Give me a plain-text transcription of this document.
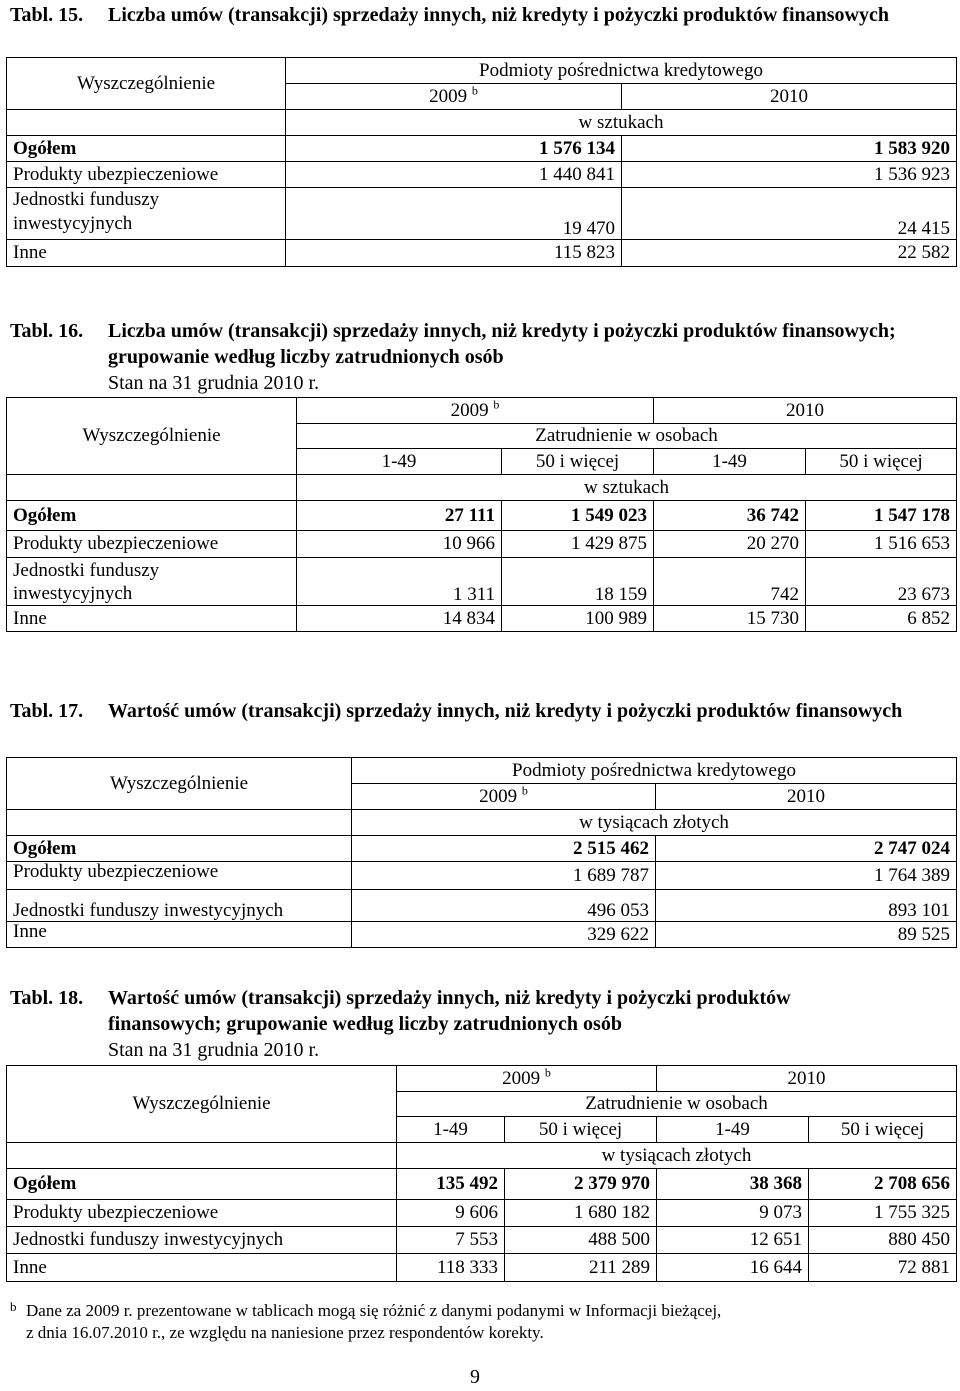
Tabl. 15. Liczba umów (transakcji) sprzedaży innych, niż kredyty i pożyczki produktów finansowych
Wyszczególnienie	Podmioty pośrednictwa kredytowego	
	2009 $^b$	2010
	w sztukach	
Ogółem	1 576 134	1 583 920
Produkty ubezpieczeniowe	1 440 841	1 536 923
Jednostki funduszy
inwestycyjnych	19 470	24 415
Inne	115 823	22 582
Tabl. 16. Liczba umów (transakcji) sprzedaży innych, niż kredyty i pożyczki produktów finansowych; grupowanie według liczby zatrudnionych osób
Stan na 31 grudnia 2010 r.
Wyszczególnienie	2009 $^b$		2010	
	Zatrudnienie w osobach			
	1-49	50 i więcej	1-49	50 i więcej
	w sztukach			
Ogółem	27 111	1 549 023	36 742	1 547 178
Produkty ubezpieczeniowe	10 966	1 429 875	20 270	1 516 653
Jednostki funduszy
inwestycyjnych	1 311	18 159	742	23 673
Inne	14 834	100 989	15 730	6 852
Tabl. 17. Wartość umów (transakcji) sprzedaży innych, niż kredyty i pożyczki produktów finansowych
Wyszczególnienie	Podmioty pośrednictwa kredytowego	
	2009 $^b$	2010
	w tysiącach złotych	
Ogółem	2 515 462	2 747 024
Produkty ubezpieczeniowe	1 689 787	1 764 389
Jednostki funduszy inwestycyjnych	496 053	893 101
Inne	329 622	89 525
Tabl. 18. Wartość umów (transakcji) sprzedaży innych, niż kredyty i pożyczki produktów finansowych; grupowanie według liczby zatrudnionych osób
Stan na 31 grudnia 2010 r.
Wyszczególnienie	2009 $^b$		2010	
	Zatrudnienie w osobach			
	1-49	50 i więcej	1-49	50 i więcej
	w tysiącach złotych			
Ogółem	135 492	2 379 970	38 368	2 708 656
Produkty ubezpieczeniowe	9 606	1 680 182	9 073	1 755 325
Jednostki funduszy inwestycyjnych	7 553	488 500	12 651	880 450
Inne	118 333	211 289	16 644	72 881
b Dane za 2009 r. prezentowane w tablicach mogą się różnić z danymi podanymi w Informacji bieżącej,
z dnia 16.07.2010 r., ze względu na naniesione przez respondentów korekty.
9
